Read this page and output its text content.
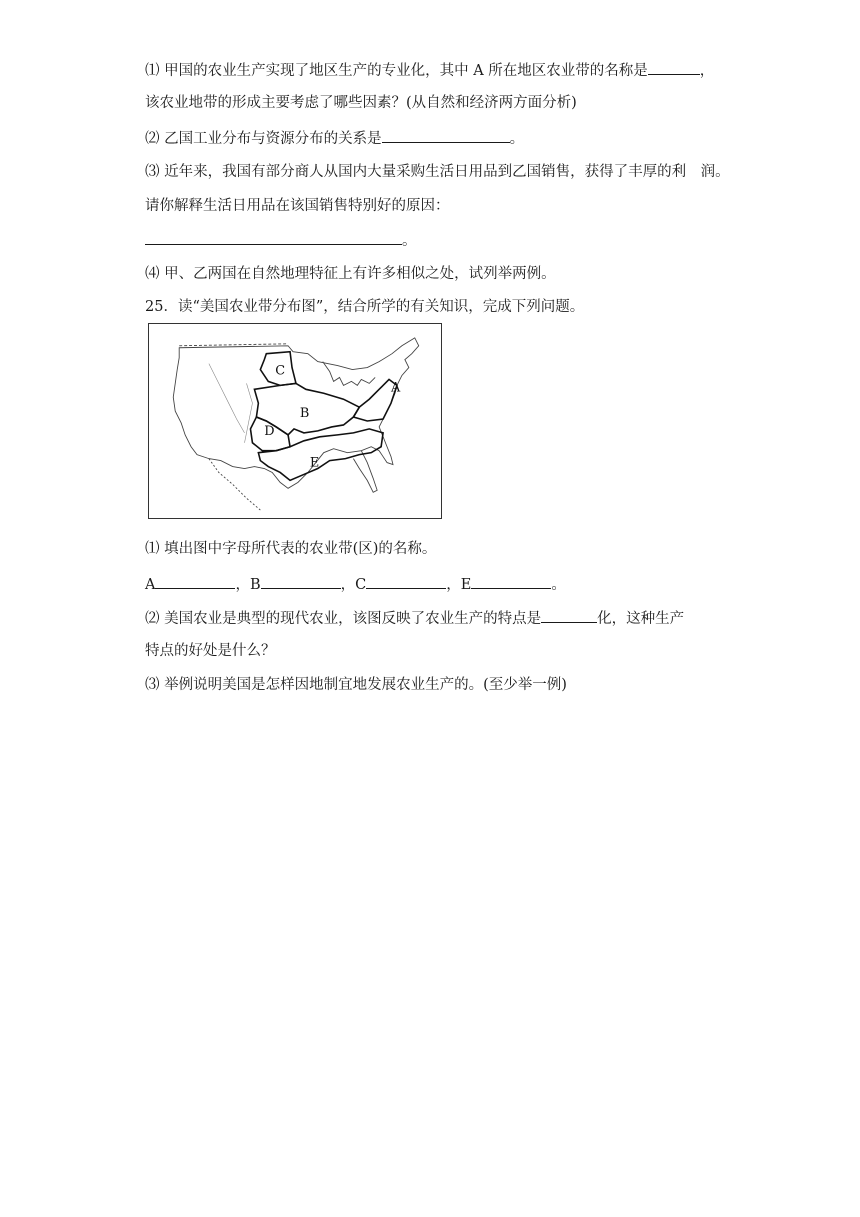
⑴ 甲国的农业生产实现了地区生产的专业化，其中 A 所在地区农业带的名称是	，
该农业地带的形成主要考虑了哪些因素？(从自然和经济两方面分析)
⑵ 乙国工业分布与资源分布的关系是	。
⑶ 近年来，我国有部分商人从国内大量采购生活日用品到乙国销售，获得了丰厚的利　润。
请你解释生活日用品在该国销售特别好的原因：
。
⑷ 甲、乙两国在自然地理特征上有许多相似之处，试列举两例。
25．读“美国农业带分布图”，结合所学的有关知识，完成下列问题。
C
B
A
D
E
⑴ 填出图中字母所代表的农业带(区)的名称。
A	，B	，C	，E	。
⑵ 美国农业是典型的现代农业，该图反映了农业生产的特点是	化，这种生产
特点的好处是什么？
⑶ 举例说明美国是怎样因地制宜地发展农业生产的。(至少举一例)
